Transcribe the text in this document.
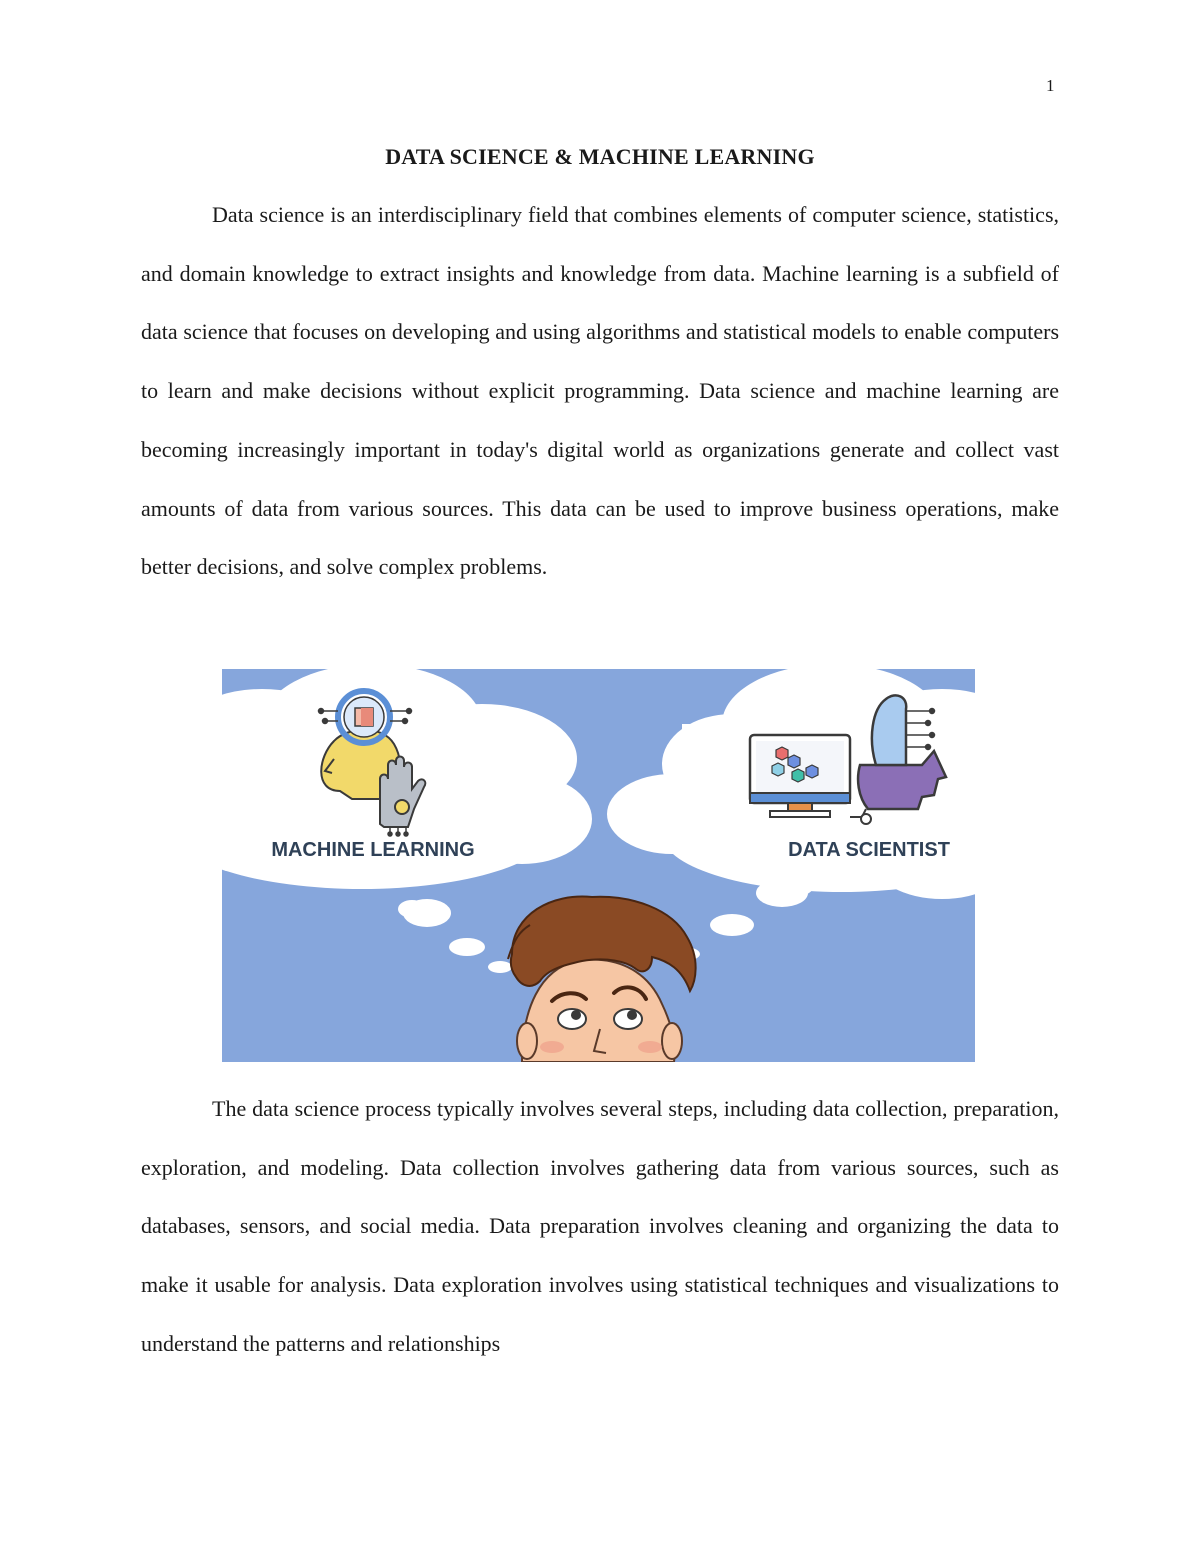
1
DATA SCIENCE & MACHINE LEARNING

Data science is an interdisciplinary field that combines elements of computer science, statistics, and domain knowledge to extract insights and knowledge from data. Machine learning is a subfield of data science that focuses on developing and using algorithms and statistical models to enable computers to learn and make decisions without explicit programming. Data science and machine learning are becoming increasingly important in today's digital world as organizations generate and collect vast amounts of data from various sources. This data can be used to improve business operations, make better decisions, and solve complex problems.

MACHINE LEARNING	DATA SCIENTIST

The data science process typically involves several steps, including data collection, preparation, exploration, and modeling. Data collection involves gathering data from various sources, such as databases, sensors, and social media. Data preparation involves cleaning and organizing the data to make it usable for analysis. Data exploration involves using statistical techniques and visualizations to understand the patterns and relationships
